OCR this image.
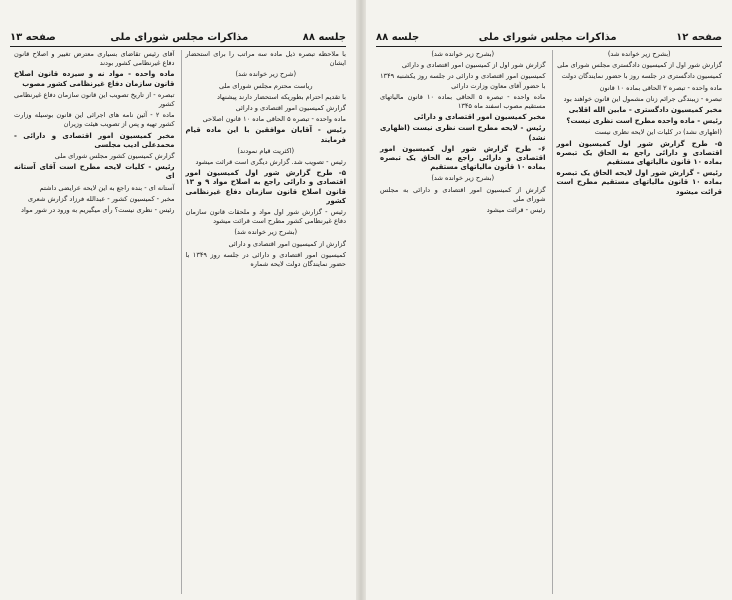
جلسه ۸۸
مذاکرات مجلس شورای ملی
صفحه ۱۳

با ملاحظه تبصره ذیل ماده سه مراتب را برای استحضار ایشان

(شرح زیر خوانده شد)

ریاست محترم مجلس شورای ملی

با تقدیم احترام بطوریکه استحضار دارند پیشنهاد

گزارش کمیسیون امور اقتصادی و دارائی

ماده واحده - تبصره ۵ الحاقی ماده ۱۰ قانون اصلاحی

رئیس - آقایان موافقین با این ماده قیام فرمایند

(اکثریت قیام نمودند)

رئیس - تصویب شد. گزارش دیگری است قرائت میشود

۵- طرح گزارش شور اول کمیسیون امور اقتصادی و دارائی راجع به اصلاح مواد ۹ و ۱۳ قانون اصلاح قانون سازمان دفاع غیرنظامی کشور

رئیس - گزارش شور اول مواد و ملحقات قانون سازمان دفاع غیرنظامی کشور مطرح است قرائت میشود

(بشرح زیر خوانده شد)

گزارش از کمیسیون امور اقتصادی و دارائی

کمیسیون امور اقتصادی و دارائی در جلسه روز ۱۳۴۹ با حضور نمایندگان دولت لایحه شماره

آقای رئیس تقاضای بسیاری معترض تغییر و اصلاح قانون دفاع غیرنظامی کشور بودند

ماده واحده - مواد نه و سیزده قانون اصلاح قانون سازمان دفاع غیرنظامی کشور مصوب

تبصره - از تاریخ تصویب این قانون سازمان دفاع غیرنظامی کشور

ماده ۲ - آئین نامه های اجرائی این قانون بوسیله وزارت کشور تهیه و پس از تصویب هیئت وزیران

مخبر کمیسیون امور اقتصادی و دارائی - محمدعلی ادیب مجلسی

گزارش کمیسیون کشور مجلس شورای ملی

رئیس - کلیات لایحه مطرح است آقای آستانه ای

آستانه ای - بنده راجع به این لایحه عرایضی داشتم

مخبر - کمیسیون کشور - عبدالله فرزاد گزارش شعری

رئیس - نظری نیست؟ رأی میگیریم به ورود در شور مواد

صفحه ۱۲
مذاکرات مجلس شورای ملی
جلسه ۸۸

(بشرح زیر خوانده شد)

گزارش شور اول از کمیسیون دادگستری مجلس شورای ملی

کمیسیون دادگستری در جلسه روز با حضور نمایندگان دولت

ماده واحده - تبصره ۲ الحاقی بماده ۱۰ قانون

تبصره - زیبندگی جرائم زنان مشمول این قانون خواهند بود

مخبر کمیسیون دادگستری - مابین الله اقلابی

رئیس - ماده واحده مطرح است نظری نیست؟

(اظهاری نشد) در کلیات این لایحه نظری نیست

۵- طرح گزارش شور اول کمیسیون امور اقتصادی و دارائی راجع به الحاق یک تبصره بماده ۱۰ قانون مالیاتهای مستقیم

رئیس - گزارش شور اول لایحه الحاق یک تبصره بماده ۱۰ قانون مالیاتهای مستقیم مطرح است قرائت میشود

(بشرح زیر خوانده شد)

گزارش شور اول از کمیسیون امور اقتصادی و دارائی

کمیسیون امور اقتصادی و دارائی در جلسه روز یکشنبه ۱۳۴۹ با حضور آقای معاون وزارت دارائی

ماده واحده - تبصره ۵ الحاقی بماده ۱۰ قانون مالیاتهای مستقیم مصوب اسفند ماه ۱۳۴۵

مخبر کمیسیون امور اقتصادی و دارائی

رئیس - لایحه مطرح است نظری نیست (اظهاری نشد)

۶- طرح گزارش شور اول کمیسیون امور اقتصادی و دارائی راجع به الحاق یک تبصره بماده ۱۰ قانون مالیاتهای مستقیم

(بشرح زیر خوانده شد)

گزارش از کمیسیون امور اقتصادی و دارائی به مجلس شورای ملی

رئیس - قرائت میشود
